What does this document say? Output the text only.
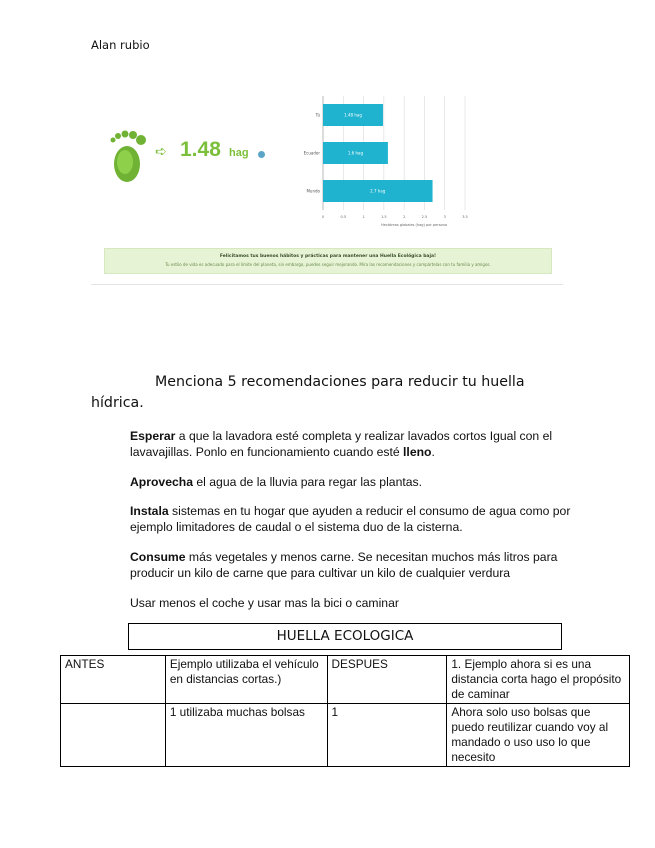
Alan rubio
➪ 1.48 hag
0	0.5	1	1.5	2	2.5	3	3.5
Tú	1.48 hag
Ecuador	1.6 hag
Mundo	2.7 hag
Hectáreas globales (hag) por persona
Felicitamos tus buenos hábitos y prácticas para mantener una Huella Ecológica baja!
Tu estilo de vida es adecuado para el límite del planeta, sin embargo, puedes seguir mejorando. Mira las recomendaciones y compártelas con tu familia y amigos.
Menciona 5 recomendaciones para reducir tu huella
hídrica.
Esperar a que la lavadora esté completa y realizar lavados cortos Igual con el lavavajillas. Ponlo en funcionamiento cuando esté lleno.
Aprovecha el agua de la lluvia para regar las plantas.
Instala sistemas en tu hogar que ayuden a reducir el consumo de agua como por ejemplo limitadores de caudal o el sistema duo de la cisterna.
Consume más vegetales y menos carne. Se necesitan muchos más litros para producir un kilo de carne que para cultivar un kilo de cualquier verdura
Usar menos el coche y usar mas la bici o caminar
HUELLA ECOLOGICA
ANTES	Ejemplo utilizaba el vehículo en distancias cortas.)	DESPUES	1. Ejemplo ahora si es una distancia corta hago el propósito de caminar
	1 utilizaba muchas bolsas	1	Ahora solo uso bolsas que puedo reutilizar cuando voy al mandado o uso uso lo que necesito
